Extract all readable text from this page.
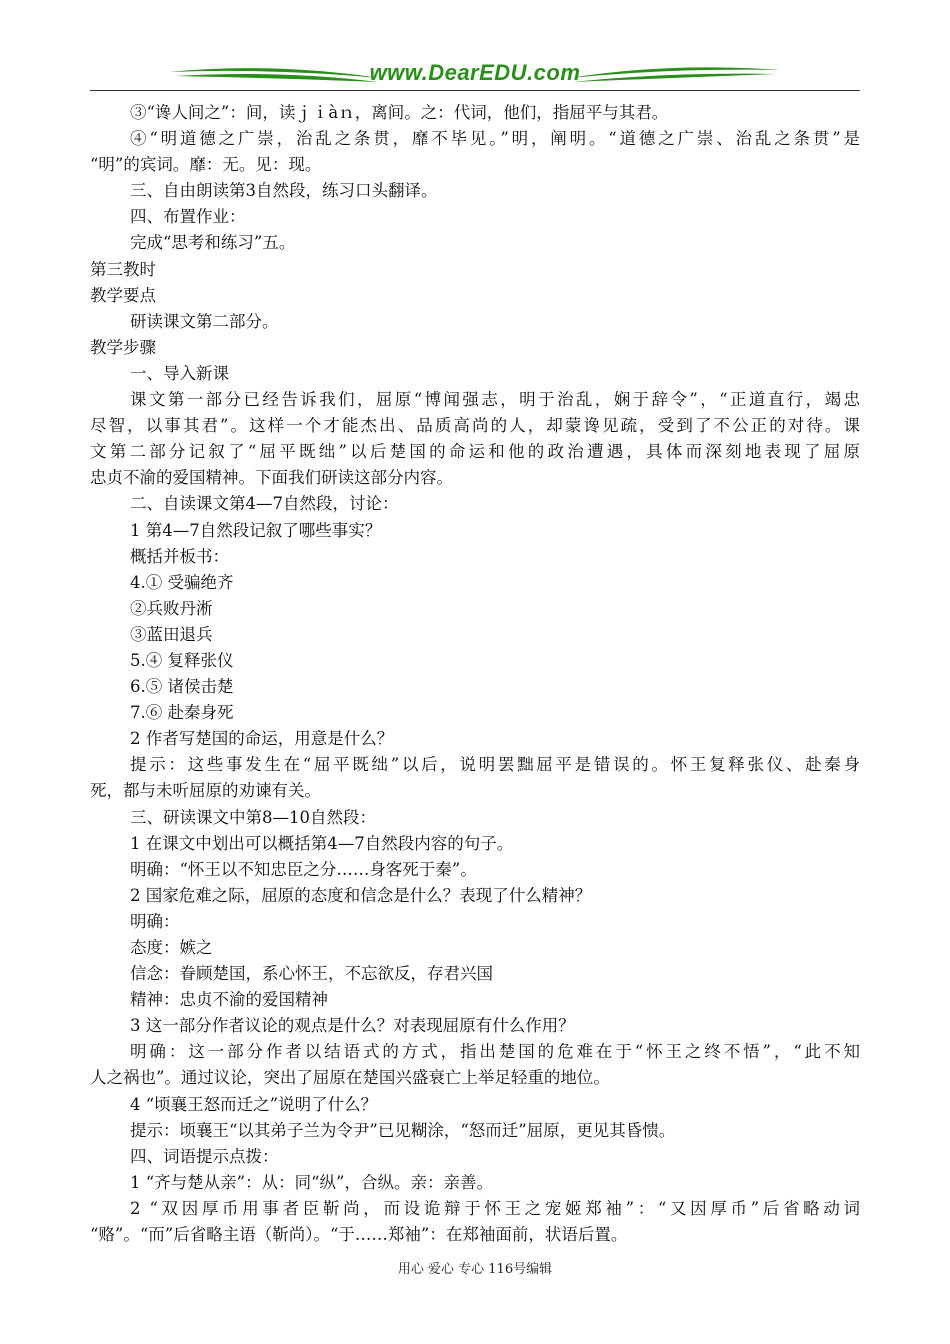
www.DearEDU.com
③“谗人间之”：间，读ｊｉàｎ，离间。之：代词，他们，指屈平与其君。
④“明道德之广崇，治乱之条贯，靡不毕见。”明，阐明。“道德之广崇、治乱之条贯”是
“明”的宾词。靡：无。见：现。
三、自由朗读第3自然段，练习口头翻译。
四、布置作业：
完成“思考和练习”五。
第三教时
教学要点
研读课文第二部分。
教学步骤
一、导入新课
课文第一部分已经告诉我们，屈原“博闻强志，明于治乱，娴于辞令”，“正道直行，竭忠
尽智，以事其君”。这样一个才能杰出、品质高尚的人，却蒙谗见疏，受到了不公正的对待。课
文第二部分记叙了“屈平既绌”以后楚国的命运和他的政治遭遇，具体而深刻地表现了屈原
忠贞不渝的爱国精神。下面我们研读这部分内容。
二、自读课文第4—7自然段，讨论：
1 第4—7自然段记叙了哪些事实？
概括并板书：
4.① 受骗绝齐
②兵败丹淅
③蓝田退兵
5.④ 复释张仪
6.⑤ 诸侯击楚
7.⑥ 赴秦身死
2 作者写楚国的命运，用意是什么？
提示：这些事发生在“屈平既绌”以后，说明罢黜屈平是错误的。怀王复释张仪、赴秦身
死，都与未听屈原的劝谏有关。
三、研读课文中第8—10自然段：
1 在课文中划出可以概括第4—7自然段内容的句子。
明确：“怀王以不知忠臣之分……身客死于秦”。
2 国家危难之际，屈原的态度和信念是什么？表现了什么精神？
明确：
态度：嫉之
信念：眷顾楚国，系心怀王，不忘欲反，存君兴国
精神：忠贞不渝的爱国精神
3 这一部分作者议论的观点是什么？对表现屈原有什么作用？
明确：这一部分作者以结语式的方式，指出楚国的危难在于“怀王之终不悟”，“此不知
人之祸也”。通过议论，突出了屈原在楚国兴盛衰亡上举足轻重的地位。
4 “顷襄王怒而迁之”说明了什么？
提示：顷襄王“以其弟子兰为令尹”已见糊涂，“怒而迁”屈原，更见其昏愦。
四、词语提示点拨：
1 “齐与楚从亲”：从：同“纵”，合纵。亲：亲善。
2 “双因厚币用事者臣靳尚，而设诡辩于怀王之宠姬郑袖”：“又因厚币”后省略动词
“赂”。“而”后省略主语（靳尚）。“于……郑袖”：在郑袖面前，状语后置。
用心 爱心 专心 116号编辑
